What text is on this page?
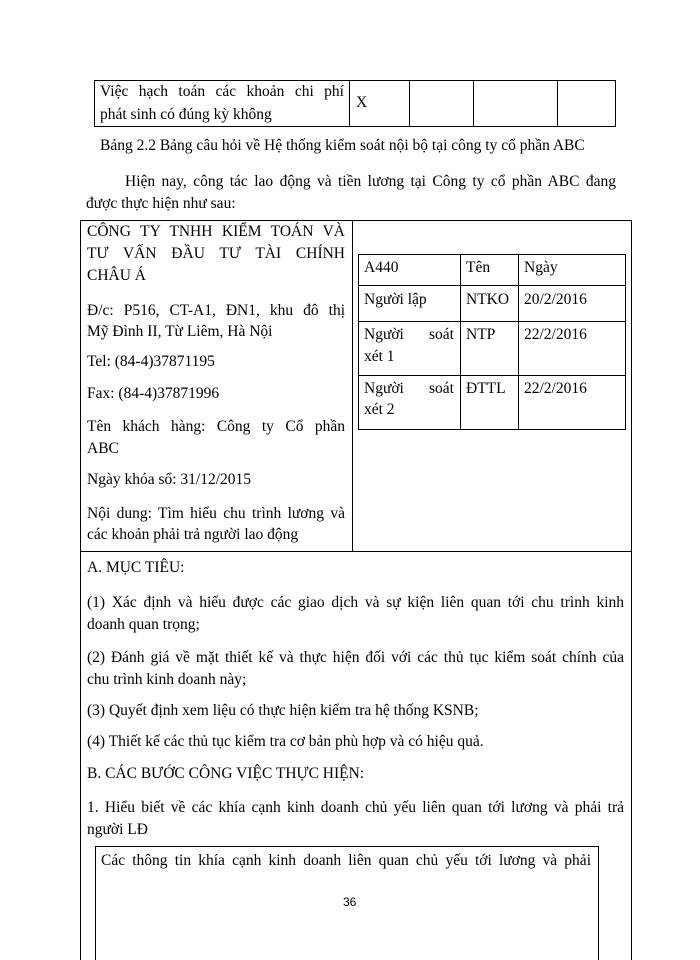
Việc hạch toán các khoản chi phí
phát sinh có đúng kỳ không
X
Bảng 2.2 Bảng câu hỏi về Hệ thống kiểm soát nội bộ tại công ty cổ phần ABC
Hiện nay, công tác lao động và tiền lương tại Công ty cổ phần ABC đang
được thực hiện như sau:
CÔNG TY TNHH KIỂM TOÁN VÀ
TƯ VẤN ĐẦU TƯ TÀI CHÍNH
CHÂU Á
Đ/c: P516, CT-A1, ĐN1, khu đô thị
Mỹ Đình II, Từ Liêm, Hà Nội
Tel: (84-4)37871195
Fax: (84-4)37871996
Tên khách hàng: Công ty Cổ phần
ABC
Ngày khóa sổ: 31/12/2015
Nội dung: Tìm hiểu chu trình lương và
các khoản phải trả người lao động
A440	Tên Ngày
Người lập	NTKO 20/2/2016
Người soát
xét 1
NTP 22/2/2016
Người soát
xét 2
ĐTTL 22/2/2016
A. MỤC TIÊU:
(1) Xác định và hiểu được các giao dịch và sự kiện liên quan tới chu trình kinh
doanh quan trọng;
(2) Đánh giá về mặt thiết kế và thực hiện đối với các thủ tục kiểm soát chính của
chu trình kinh doanh này;
(3) Quyết định xem liệu có thực hiện kiểm tra hệ thống KSNB;
(4) Thiết kế các thủ tục kiểm tra cơ bản phù hợp và có hiệu quả.
B. CÁC BƯỚC CÔNG VIỆC THỰC HIỆN:
1. Hiểu biết về các khía cạnh kinh doanh chủ yếu liên quan tới lương và phải trả
người LĐ
Các thông tin khía cạnh kinh doanh liên quan chủ yếu tới lương và phải
36
